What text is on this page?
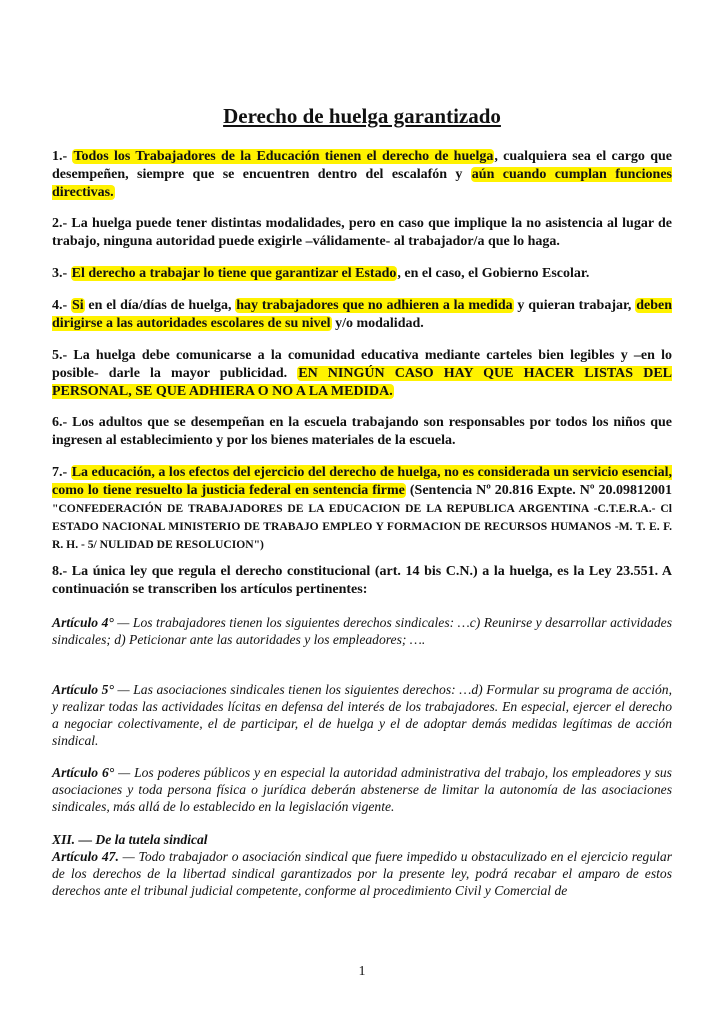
Derecho de huelga garantizado
1.- Todos los Trabajadores de la Educación tienen el derecho de huelga, cualquiera sea el cargo que desempeñen, siempre que se encuentren dentro del escalafón y aún cuando cumplan funciones directivas.
2.- La huelga puede tener distintas modalidades, pero en caso que implique la no asistencia al lugar de trabajo, ninguna autoridad puede exigirle –válidamente- al trabajador/a que lo haga.
3.- El derecho a trabajar lo tiene que garantizar el Estado, en el caso, el Gobierno Escolar.
4.- Si en el día/días de huelga, hay trabajadores que no adhieren a la medida y quieran trabajar, deben dirigirse a las autoridades escolares de su nivel y/o modalidad.
5.- La huelga debe comunicarse a la comunidad educativa mediante carteles bien legibles y –en lo posible- darle la mayor publicidad. EN NINGÚN CASO HAY QUE HACER LISTAS DEL PERSONAL, SE QUE ADHIERA O NO A LA MEDIDA.
6.- Los adultos que se desempeñan en la escuela trabajando son responsables por todos los niños que ingresen al establecimiento y por los bienes materiales de la escuela.
7.- La educación, a los efectos del ejercicio del derecho de huelga, no es considerada un servicio esencial, como lo tiene resuelto la justicia federal en sentencia firme (Sentencia Nº 20.816 Expte. Nº 20.09812001 "CONFEDERACIÓN DE TRABAJADORES DE LA EDUCACION DE LA REPUBLICA ARGENTINA -C.T.E.R.A.- Cl ESTADO NACIONAL MINISTERIO DE TRABAJO EMPLEO Y FORMACION DE RECURSOS HUMANOS -M. T. E. F. R. H. - 5/ NULIDAD DE RESOLUCION")
8.- La única ley que regula el derecho constitucional (art. 14 bis C.N.) a la huelga, es la Ley 23.551. A continuación se transcriben los artículos pertinentes:
Artículo 4° — Los trabajadores tienen los siguientes derechos sindicales: …c) Reunirse y desarrollar actividades sindicales; d) Peticionar ante las autoridades y los empleadores; ….
Artículo 5° — Las asociaciones sindicales tienen los siguientes derechos: …d) Formular su programa de acción, y realizar todas las actividades lícitas en defensa del interés de los trabajadores. En especial, ejercer el derecho a negociar colectivamente, el de participar, el de huelga y el de adoptar demás medidas legítimas de acción sindical.
Artículo 6° — Los poderes públicos y en especial la autoridad administrativa del trabajo, los empleadores y sus asociaciones y toda persona física o jurídica deberán abstenerse de limitar la autonomía de las asociaciones sindicales, más allá de lo establecido en la legislación vigente.
XII. — De la tutela sindical
Artículo 47. — Todo trabajador o asociación sindical que fuere impedido u obstaculizado en el ejercicio regular de los derechos de la libertad sindical garantizados por la presente ley, podrá recabar el amparo de estos derechos ante el tribunal judicial competente, conforme al procedimiento Civil y Comercial de
1
